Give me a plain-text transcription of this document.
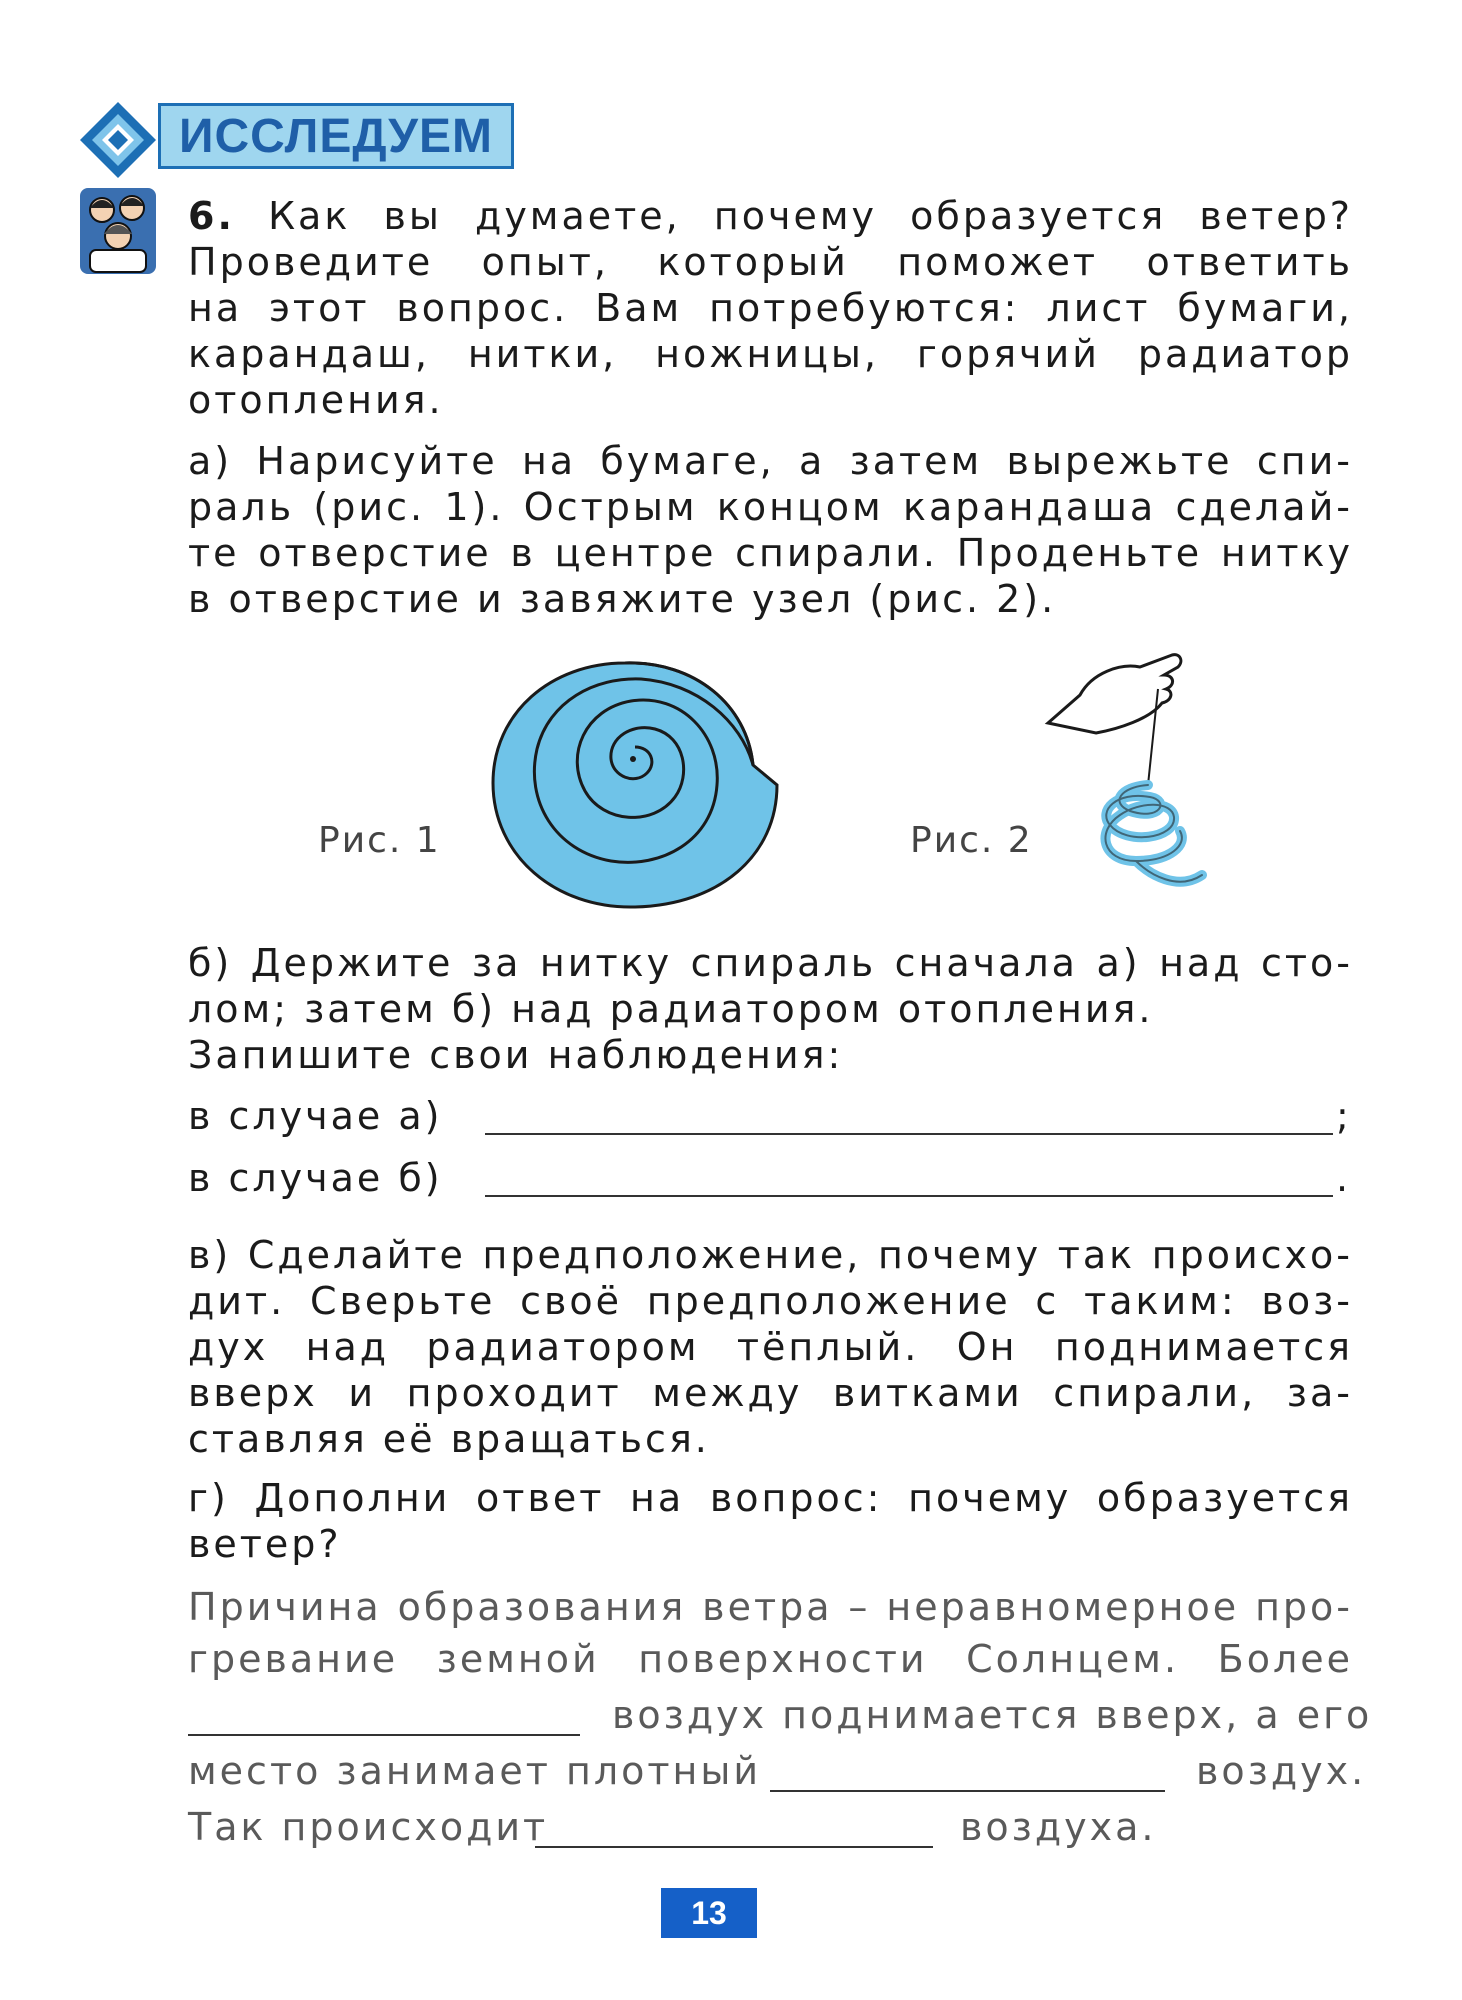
ИССЛЕДУЕМ
6. Как вы думаете, почему образуется ветер?
Проведите опыт, который поможет ответить
на этот вопрос. Вам потребуются: лист бумаги,
карандаш, нитки, ножницы, горячий радиатор
отопления.
а) Нарисуйте на бумаге, а затем вырежьте спи-
раль (рис. 1). Острым концом карандаша сделай-
те отверстие в центре спирали. Проденьте нитку
в отверстие и завяжите узел (рис. 2).
Рис. 1	Рис. 2
б) Держите за нитку спираль сначала а) над сто-
лом; затем б) над радиатором отопления.
Запишите свои наблюдения:
в случае а)	;
в случае б)	.
в) Сделайте предположение, почему так происхо-
дит. Сверьте своё предположение с таким: воз-
дух над радиатором тёплый. Он поднимается
вверх и проходит между витками спирали, за-
ставляя её вращаться.
г) Дополни ответ на вопрос: почему образуется
ветер?
Причина образования ветра – неравномерное про-
гревание земной поверхности Солнцем. Более
воздух поднимается вверх, а его
место занимает плотный	воздух.
Так происходит	воздуха.
13
